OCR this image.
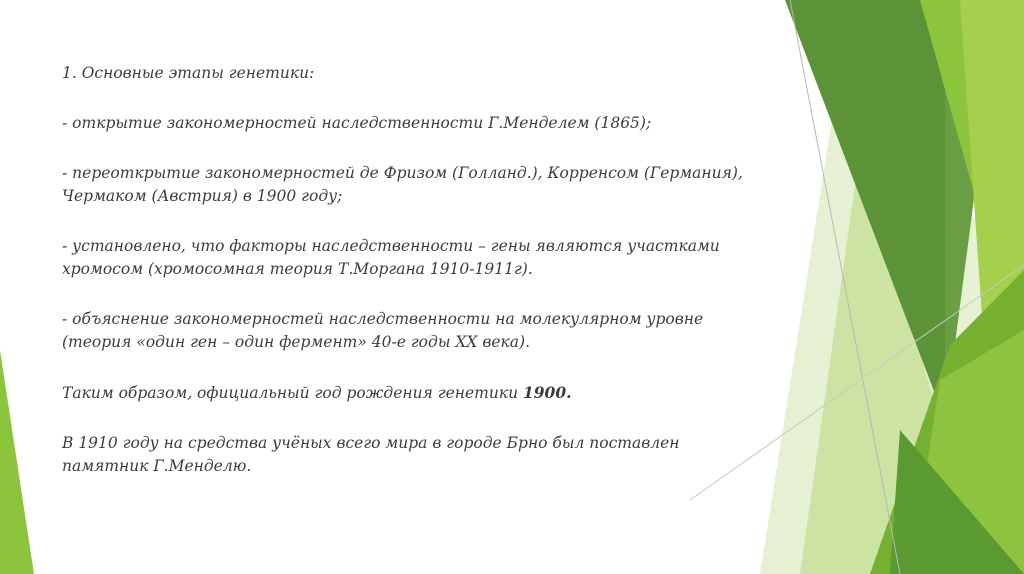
1. Основные этапы генетики:

- открытие закономерностей наследственности Г.Менделем (1865);

- переоткрытие закономерностей де Фризом (Голланд.), Корренсом (Германия), Чермаком (Австрия) в 1900 году;

- установлено, что факторы наследственности – гены являются участками хромосом (хромосомная теория Т.Моргана 1910-1911г).

- объяснение закономерностей наследственности на молекулярном уровне (теория «один ген – один фермент» 40-е годы XX века).

Таким образом, официальный год рождения генетики 1900.

В 1910 году на средства учёных всего мира в городе Брно был поставлен памятник Г.Менделю.
